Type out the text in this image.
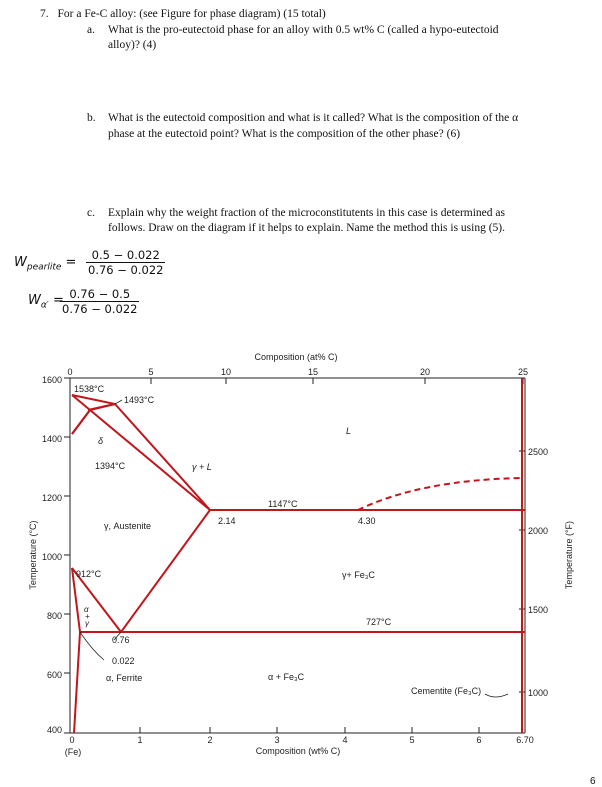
7. For a Fe-C alloy: (see Figure for phase diagram) (15 total)
a. What is the pro-eutectoid phase for an alloy with 0.5 wt% C (called a hypo-eutectoid
alloy)? (4)
b. What is the eutectoid composition and what is it called? What is the composition of the α
phase at the eutectoid point? What is the composition of the other phase? (6)
c. Explain why the weight fraction of the microconstitutents in this case is determined as
follows. Draw on the diagram if it helps to explain. Name the method this is using (5).
$W_{pearlite} = \frac{0.5 - 0.022}{0.76 - 0.022}$
$W_{\alpha'}$ =
$\frac{0.76 - 0.5}{0.76 - 0.022}$
0	5	10	15	20	25
Composition (at% C)
1600
1400
1200
1000
800
600
400
Temperature (°C)
2500
2000
1500
1000
Temperature (°F)
0	1	2	3	4	5	6	6.70
(Fe)	Composition (wt% C)
1538°C
1493°C
δ
1394°C	γ + L
L
1147°C
2.14	4.30
γ, Austenite
912°C	γ+ Fe₃C
727°C
0.76
0.022
α, Ferrite	α + Fe₃C
Cementite (Fe₃C)
α + γ
6
